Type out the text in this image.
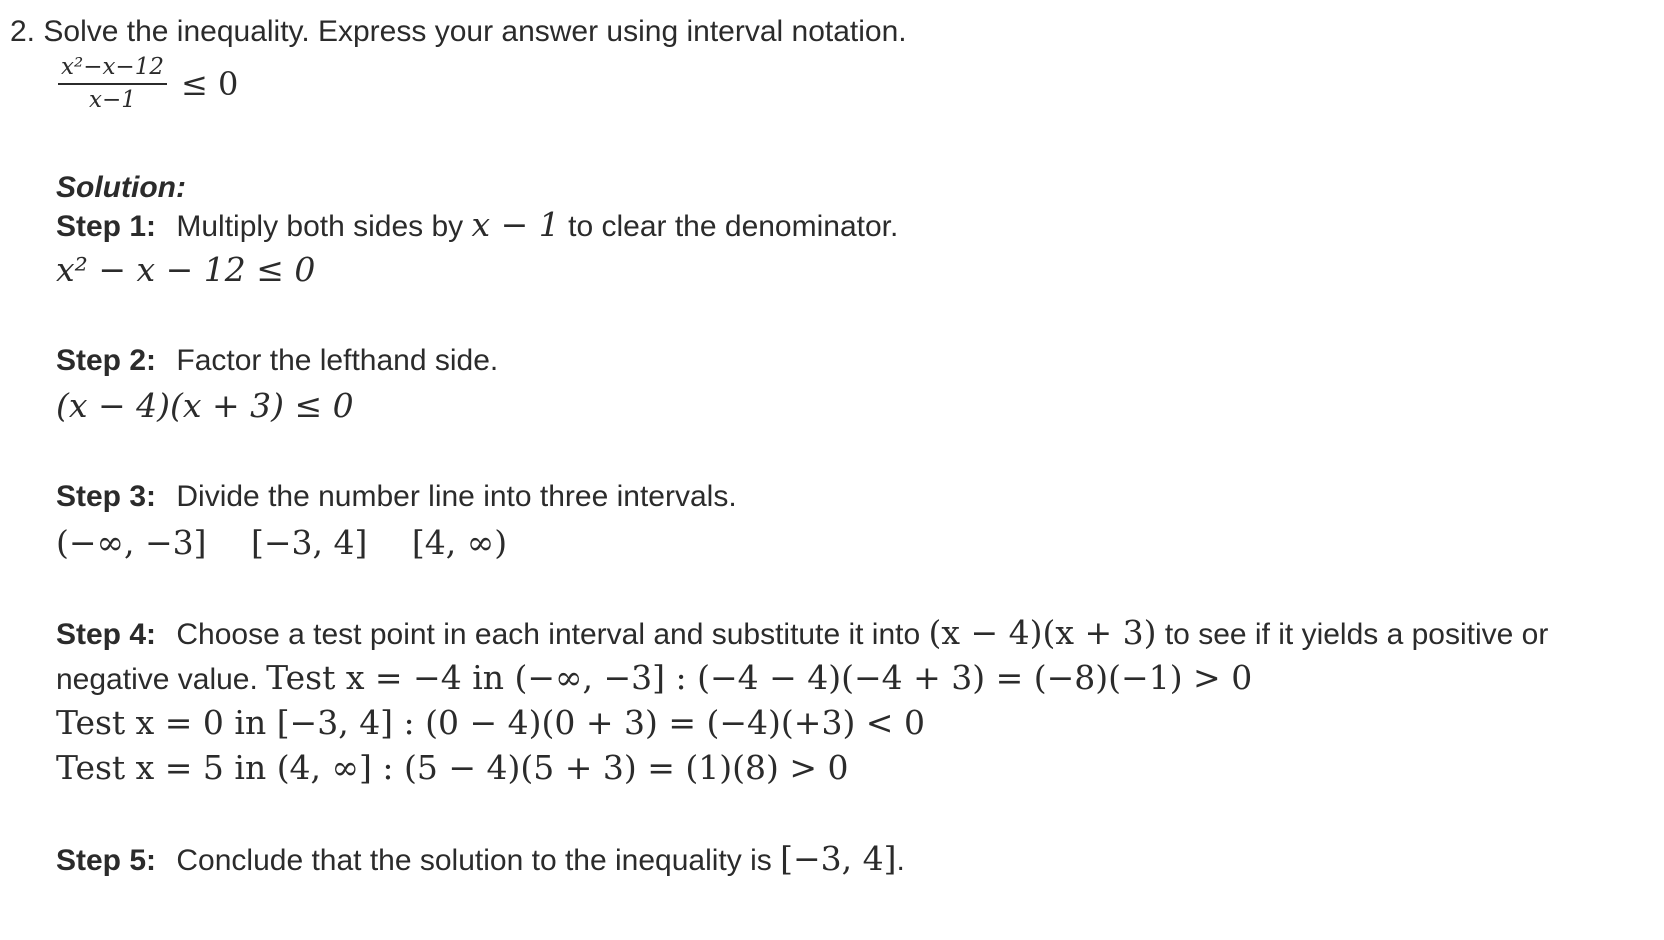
2. Solve the inequality. Express your answer using interval notation.
$\frac{\text{x²−x−12}}{x-1} \le 0$
Solution:
Step 1: Multiply both sides by x − 1 to clear the denominator.
x² − x − 12 ≤ 0
Step 2: Factor the lefthand side.
(x − 4)(x + 3) ≤ 0
Step 3: Divide the number line into three intervals.
(−∞, −3] [−3, 4] [4, ∞)
Step 4: Choose a test point in each interval and substitute it into (x − 4)(x + 3) to see if it yields a positive or
negative value. Test x = −4 in (−∞, −3] : (−4 − 4)(−4 + 3) = (−8)(−1) > 0
Test x = 0 in [−3, 4] : (0 − 4)(0 + 3) = (−4)(+3) < 0
Test x = 5 in (4, ∞] : (5 − 4)(5 + 3) = (1)(8) > 0
Step 5: Conclude that the solution to the inequality is [−3, 4].
